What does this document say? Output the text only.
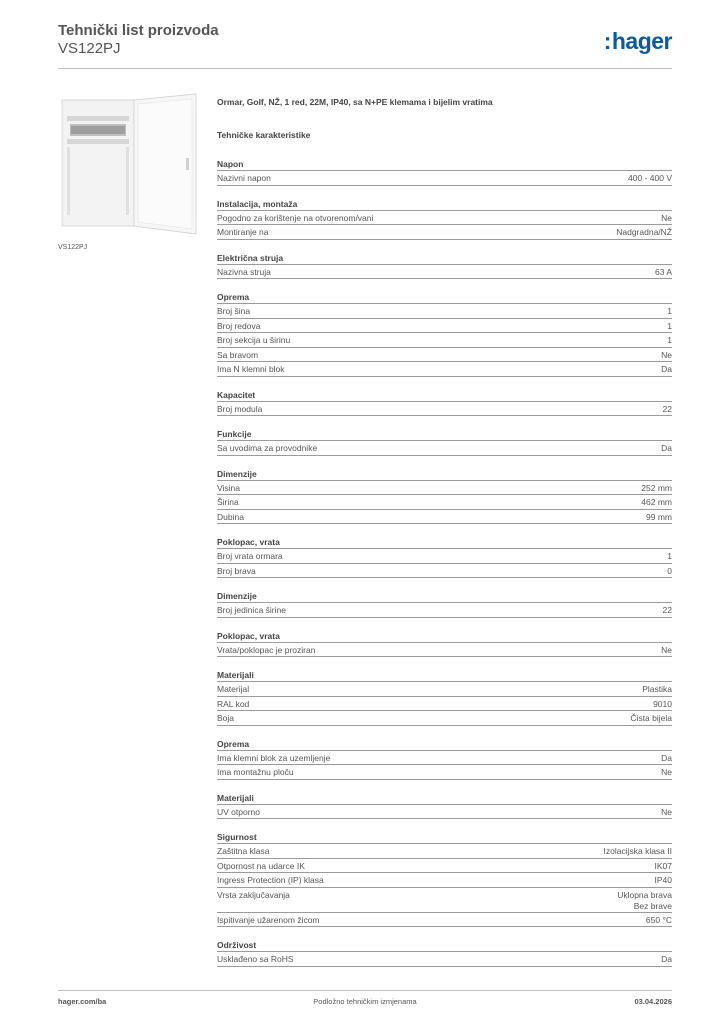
Tehnički list proizvoda
VS122PJ	:hager
VS122PJ
Ormar, Golf, NŽ, 1 red, 22M, IP40, sa N+PE klemama i bijelim vratima
Tehničke karakteristike
Napon
Nazivni napon	400 - 400 V
Instalacija, montaža
Pogodno za korištenje na otvorenom/vani	Ne
Montiranje na	Nadgradna/NŽ
Električna struja
Nazivna struja	63 A
Oprema
Broj šina	1
Broj redova	1
Broj sekcija u širinu	1
Sa bravom	Ne
Ima N klemni blok	Da
Kapacitet
Broj modula	22
Funkcije
Sa uvodima za provodnike	Da
Dimenzije
Visina	252 mm
Širina	462 mm
Dubina	99 mm
Poklopac, vrata
Broj vrata ormara	1
Broj brava	0
Dimenzije
Broj jedinica širine	22
Poklopac, vrata
Vrata/poklopac je proziran	Ne
Materijali
Materijal	Plastika
RAL kod	9010
Boja	Čista bijela
Oprema
Ima klemni blok za uzemljenje	Da
Ima montažnu ploču	Ne
Materijali
UV otporno	Ne
Sigurnost
Zaštitna klasa	Izolacijska klasa II
Otpornost na udarce IK	IK07
Ingress Protection (IP) klasa	IP40
Vrsta zaključavanja	Uklopna brava
Bez brave
Ispitivanje užarenom žicom	650 °C
Održivost
Usklađeno sa RoHS	Da
hager.com/ba	Podložno tehničkim izmjenama	03.04.2026
